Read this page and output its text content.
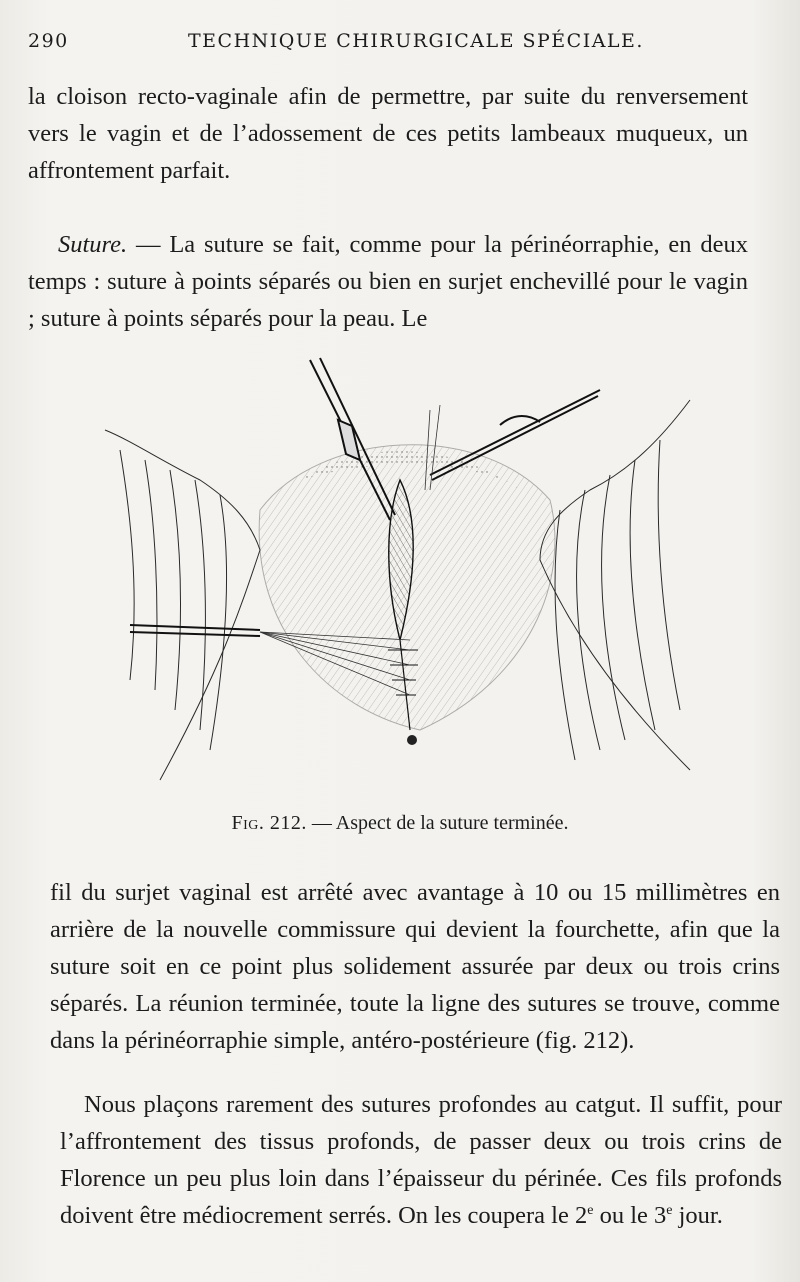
290	TECHNIQUE CHIRURGICALE SPÉCIALE.

la cloison recto-vaginale afin de permettre, par suite du renversement vers le vagin et de l’adossement de ces petits lambeaux muqueux, un affrontement parfait.

Suture. — La suture se fait, comme pour la périnéorraphie, en deux temps : suture à points séparés ou bien en surjet enchevillé pour le vagin ; suture à points séparés pour la peau. Le

Fig. 212. — Aspect de la suture terminée.

fil du surjet vaginal est arrêté avec avantage à 10 ou 15 millimètres en arrière de la nouvelle commissure qui devient la fourchette, afin que la suture soit en ce point plus solidement assurée par deux ou trois crins séparés. La réunion terminée, toute la ligne des sutures se trouve, comme dans la périnéorraphie simple, antéro-postérieure (fig. 212).

Nous plaçons rarement des sutures profondes au catgut. Il suffit, pour l’affrontement des tissus profonds, de passer deux ou trois crins de Florence un peu plus loin dans l’épaisseur du périnée. Ces fils profonds doivent être médiocrement serrés. On les coupera le 2e ou le 3e jour.
